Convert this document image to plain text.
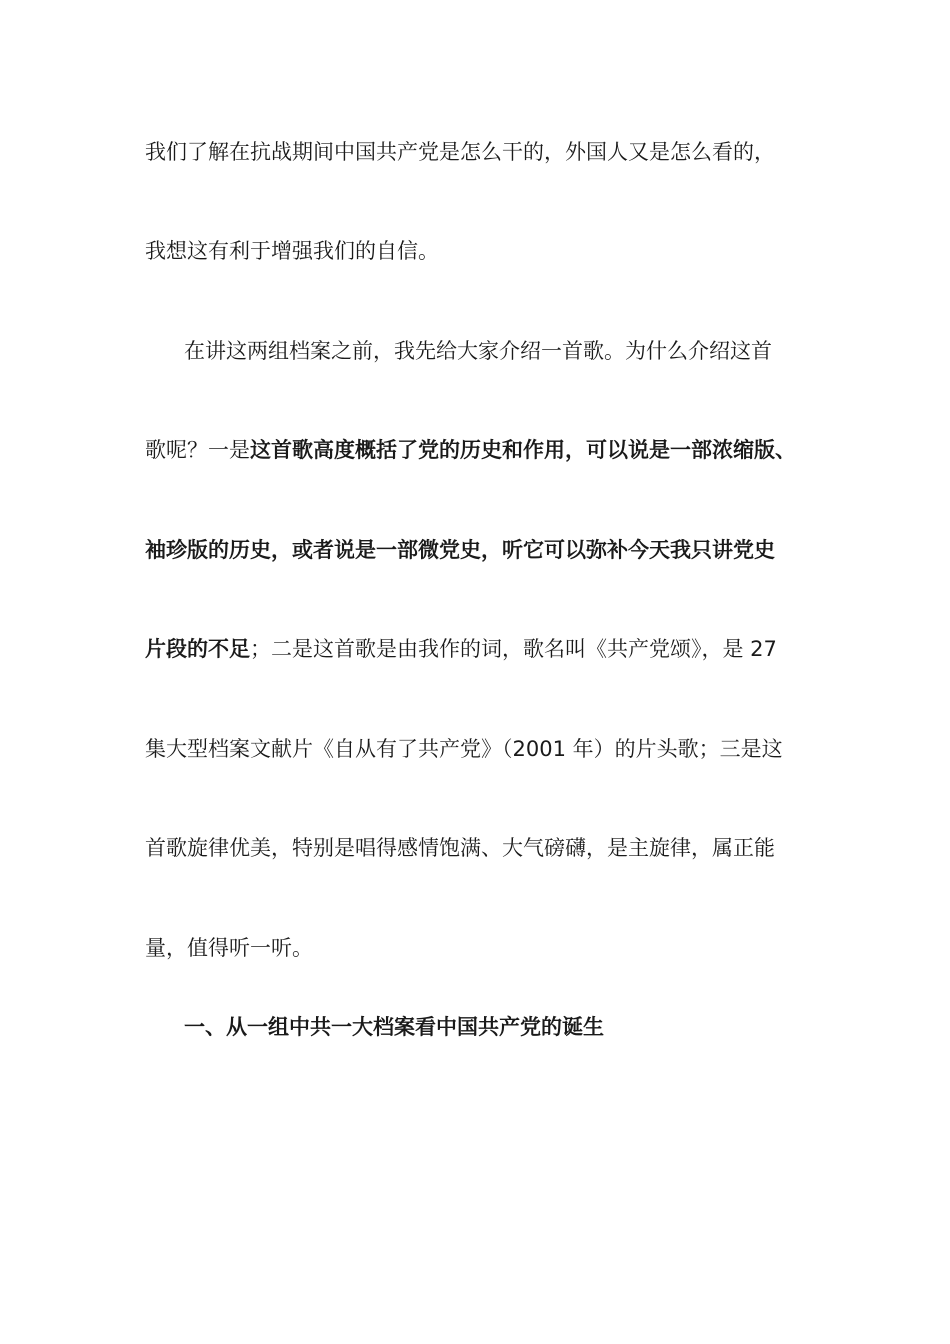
我们了解在抗战期间中国共产党是怎么干的，外国人又是怎么看的，
我想这有利于增强我们的自信。
在讲这两组档案之前，我先给大家介绍一首歌。为什么介绍这首
歌呢？一是这首歌高度概括了党的历史和作用，可以说是一部浓缩版、
袖珍版的历史，或者说是一部微党史，听它可以弥补今天我只讲党史
片段的不足；二是这首歌是由我作的词，歌名叫《共产党颂》，是 27
集大型档案文献片《自从有了共产党》（2001 年）的片头歌；三是这
首歌旋律优美，特别是唱得感情饱满、大气磅礴，是主旋律，属正能
量，值得听一听。
一、从一组中共一大档案看中国共产党的诞生
